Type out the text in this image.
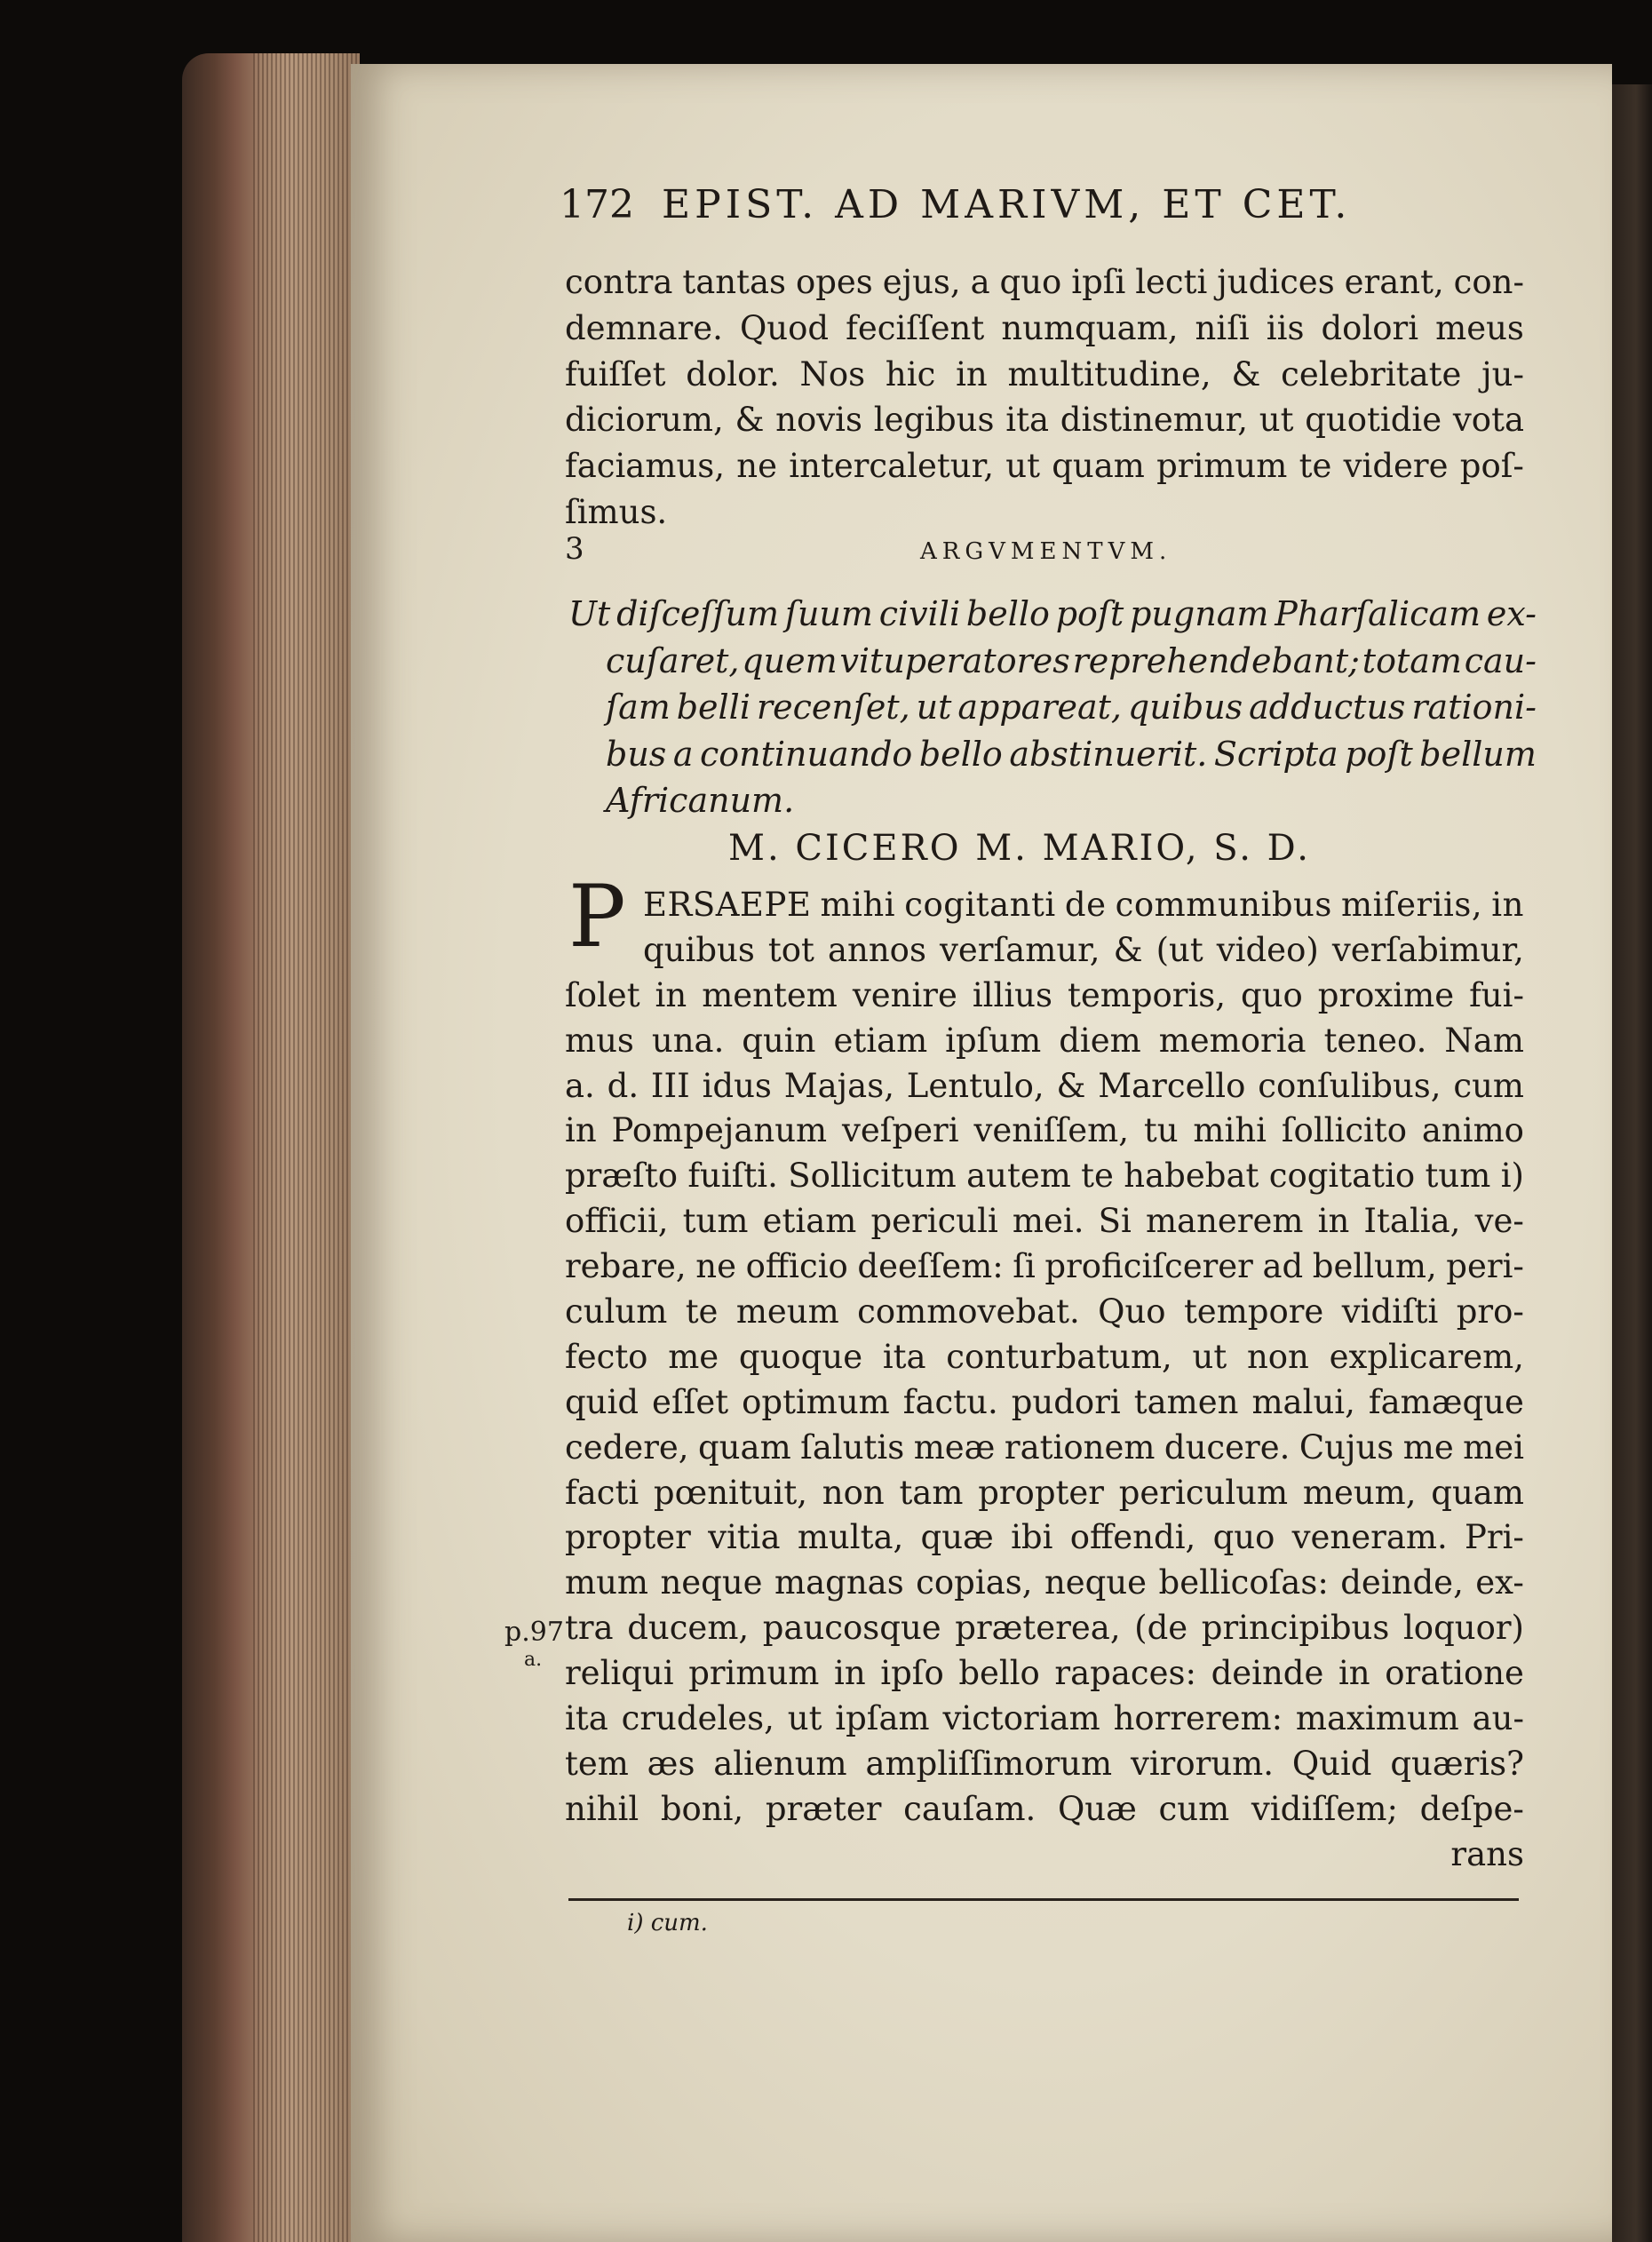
172 EPIST. AD MARIVM, ET CET.
contra tantas opes ejus, a quo ipſi lecti judices erant, con-
demnare. Quod feciſſent numquam, niſi iis dolori meus
fuiſſet dolor. Nos hic in multitudine, & celebritate ju-
diciorum, & novis legibus ita distinemur, ut quotidie vota
faciamus, ne intercaletur, ut quam primum te videre poſ-
ſimus.
3	ARGVMENTVM.
Ut diſceſſum ſuum civili bello poſt pugnam Pharſalicam ex-
cuſaret, quem vituperatores reprehendebant; totam cau-
ſam belli recenſet, ut appareat, quibus adductus rationi-
bus a continuando bello abstinuerit. Scripta poſt bellum
Africanum.
M. CICERO M. MARIO, S. D.
P ERSAEPE mihi cogitanti de communibus miſeriis, in
quibus tot annos verſamur, & (ut video) verſabimur,
ſolet in mentem venire illius temporis, quo proxime fui-
mus una. quin etiam ipſum diem memoria teneo. Nam
a. d. III idus Majas, Lentulo, & Marcello conſulibus, cum
in Pompejanum veſperi veniſſem, tu mihi ſollicito animo
præſto fuiſti. Sollicitum autem te habebat cogitatio tum i)
officii, tum etiam periculi mei. Si manerem in Italia, ve-
rebare, ne officio deeſſem: ſi proficiſcerer ad bellum, peri-
culum te meum commovebat. Quo tempore vidiſti pro-
fecto me quoque ita conturbatum, ut non explicarem,
quid eſſet optimum factu. pudori tamen malui, famæque
cedere, quam ſalutis meæ rationem ducere. Cujus me mei
facti pœnituit, non tam propter periculum meum, quam
propter vitia multa, quæ ibi offendi, quo veneram. Pri-
mum neque magnas copias, neque bellicoſas: deinde, ex-
tra ducem, paucosque præterea, (de principibus loquor)
reliqui primum in ipſo bello rapaces: deinde in oratione
ita crudeles, ut ipſam victoriam horrerem: maximum au-
tem æs alienum ampliſſimorum virorum. Quid quæris?
nihil boni, præter cauſam. Quæ cum vidiſſem; deſpe-
rans
p.97
a.
i) cum.
